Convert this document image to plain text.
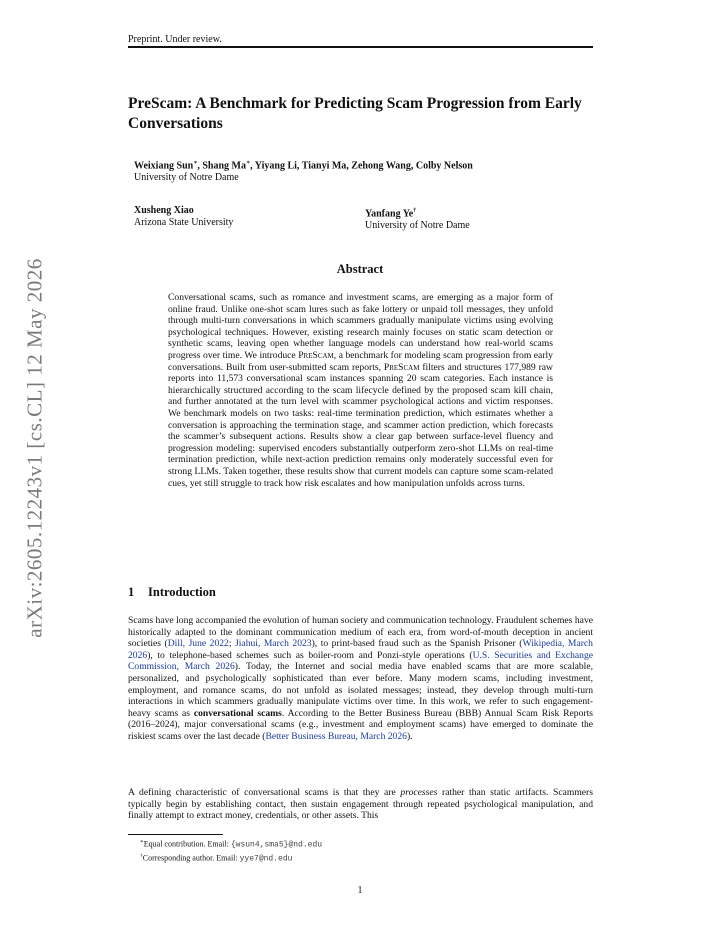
Preprint. Under review.
arXiv:2605.12243v1 [cs.CL] 12 May 2026
PreScam: A Benchmark for Predicting Scam Progression from Early Conversations
Weixiang Sun∗, Shang Ma∗, Yiyang Li, Tianyi Ma, Zehong Wang, Colby Nelson
University of Notre Dame
Xusheng Xiao
Arizona State University
Yanfang Ye†
University of Notre Dame
Abstract
Conversational scams, such as romance and investment scams, are emerging as a major form of online fraud. Unlike one-shot scam lures such as fake lottery or unpaid toll messages, they unfold through multi-turn conversations in which scammers gradually manipulate victims using evolving psychological techniques. However, existing research mainly focuses on static scam detection or synthetic scams, leaving open whether language models can understand how real-world scams progress over time. We introduce PreScam, a benchmark for modeling scam progression from early conversations. Built from user-submitted scam reports, PreScam filters and structures 177,989 raw reports into 11,573 conversational scam instances spanning 20 scam categories. Each instance is hierarchically structured according to the scam lifecycle defined by the proposed scam kill chain, and further annotated at the turn level with scammer psychological actions and victim responses. We benchmark models on two tasks: real-time termination prediction, which estimates whether a conversation is approaching the termination stage, and scammer action prediction, which forecasts the scammer’s subsequent actions. Results show a clear gap between surface-level fluency and progression modeling: supervised encoders substantially outperform zero-shot LLMs on real-time termination prediction, while next-action prediction remains only moderately successful even for strong LLMs. Taken together, these results show that current models can capture some scam-related cues, yet still struggle to track how risk escalates and how manipulation unfolds across turns.
1 Introduction
Scams have long accompanied the evolution of human society and communication technology. Fraudulent schemes have historically adapted to the dominant communication medium of each era, from word-of-mouth deception in ancient societies (Dill, June 2022; Jiahui, March 2023), to print-based fraud such as the Spanish Prisoner (Wikipedia, March 2026), to telephone-based schemes such as boiler-room and Ponzi-style operations (U.S. Securities and Exchange Commission, March 2026). Today, the Internet and social media have enabled scams that are more scalable, personalized, and psychologically sophisticated than ever before. Many modern scams, including investment, employment, and romance scams, do not unfold as isolated messages; instead, they develop through multi-turn interactions in which scammers gradually manipulate victims over time. In this work, we refer to such engagement-heavy scams as conversational scams. According to the Better Business Bureau (BBB) Annual Scam Risk Reports (2016–2024), major conversational scams (e.g., investment and employment scams) have emerged to dominate the riskiest scams over the last decade (Better Business Bureau, March 2026).
A defining characteristic of conversational scams is that they are processes rather than static artifacts. Scammers typically begin by establishing contact, then sustain engagement through repeated psychological manipulation, and finally attempt to extract money, credentials, or other assets. This
∗Equal contribution. Email: {wsun4,sma5}@nd.edu
†Corresponding author. Email: yye7@nd.edu
1
